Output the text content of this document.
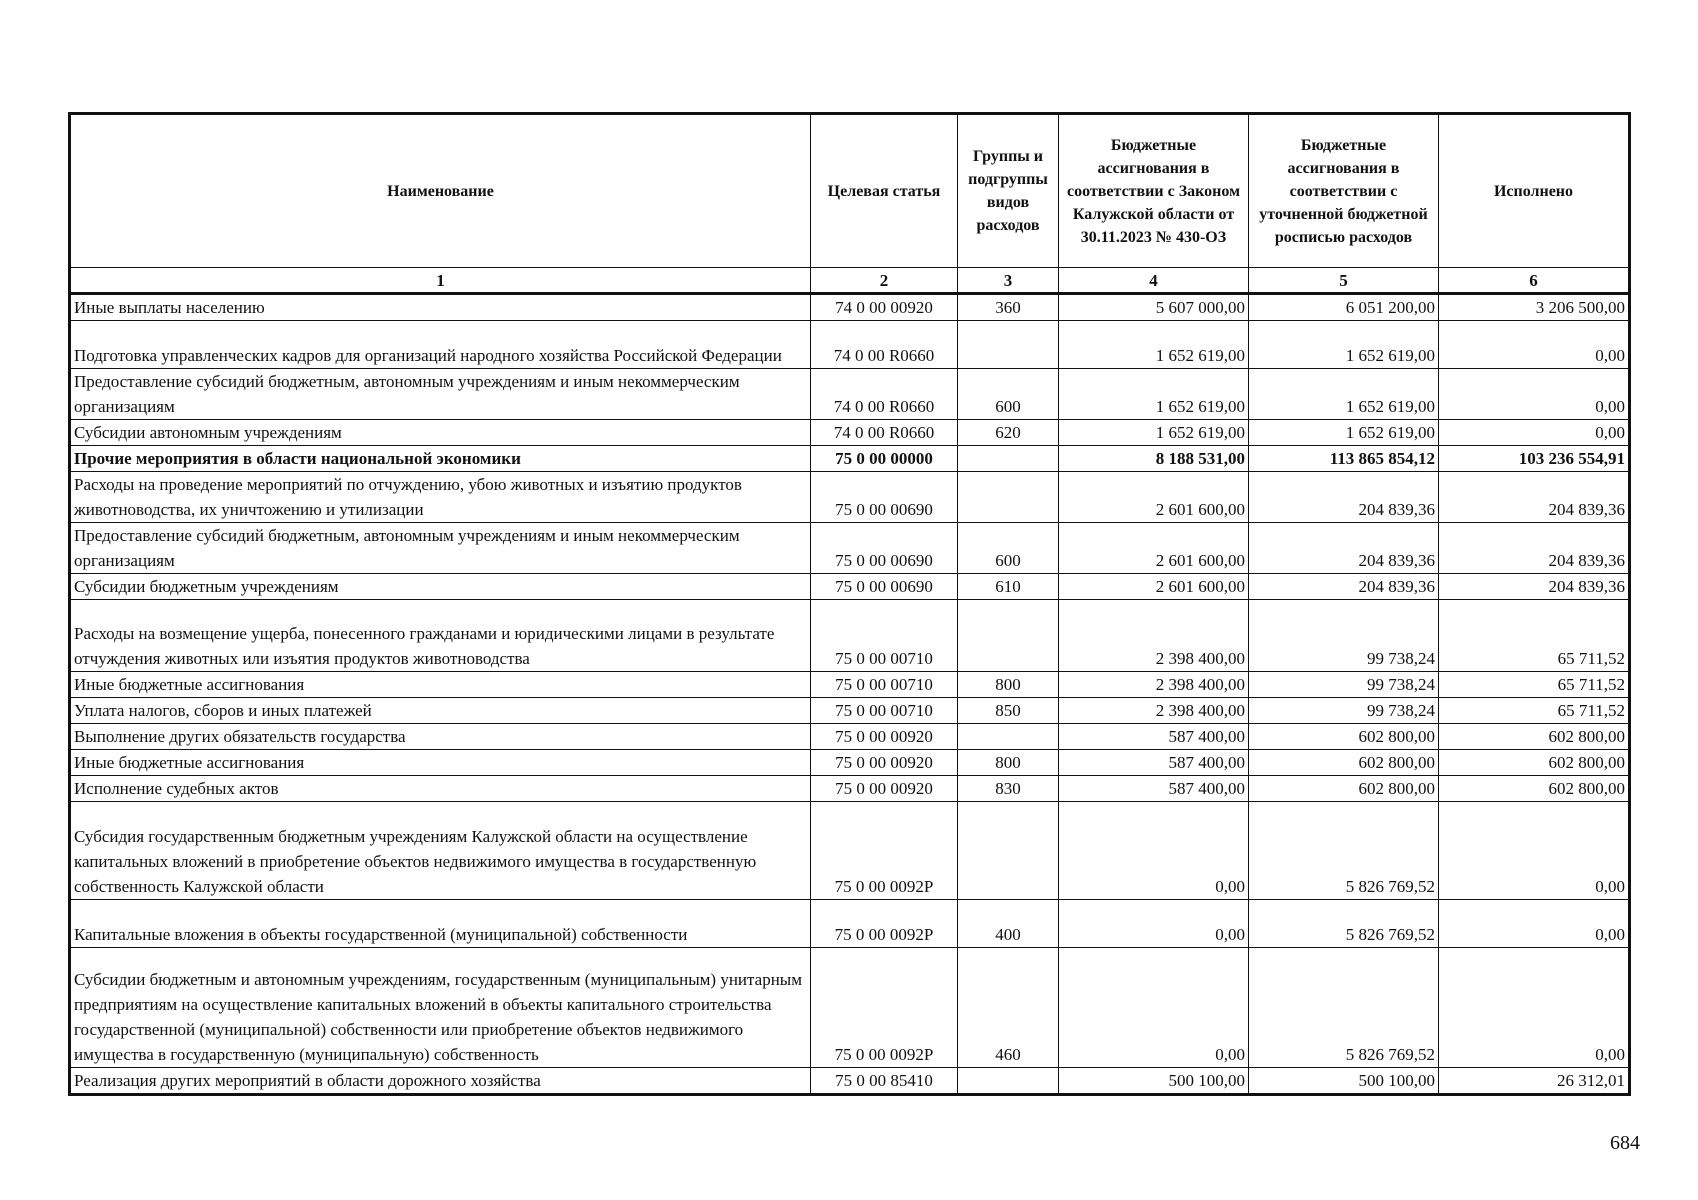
Наименование	Целевая статья	Группы и подгруппы видов расходов	Бюджетные ассигнования в соответствии с Законом Калужской области от 30.11.2023 № 430-ОЗ	Бюджетные ассигнования в соответствии с уточненной бюджетной росписью расходов	Исполнено
1	2	3	4	5	6
Иные выплаты населению	74 0 00 00920	360	5 607 000,00	6 051 200,00	3 206 500,00
Подготовка управленческих кадров для организаций народного хозяйства Российской Федерации	74 0 00 R0660		1 652 619,00	1 652 619,00	0,00
Предоставление субсидий бюджетным, автономным учреждениям и иным некоммерческим организациям	74 0 00 R0660	600	1 652 619,00	1 652 619,00	0,00
Субсидии автономным учреждениям	74 0 00 R0660	620	1 652 619,00	1 652 619,00	0,00
Прочие мероприятия в области национальной экономики	75 0 00 00000		8 188 531,00	113 865 854,12	103 236 554,91
Расходы на проведение мероприятий по отчуждению, убою животных и изъятию продуктов животноводства, их уничтожению и утилизации	75 0 00 00690		2 601 600,00	204 839,36	204 839,36
Предоставление субсидий бюджетным, автономным учреждениям и иным некоммерческим организациям	75 0 00 00690	600	2 601 600,00	204 839,36	204 839,36
Субсидии бюджетным учреждениям	75 0 00 00690	610	2 601 600,00	204 839,36	204 839,36
Расходы на возмещение ущерба, понесенного гражданами и юридическими лицами в результате отчуждения животных или изъятия продуктов животноводства	75 0 00 00710		2 398 400,00	99 738,24	65 711,52
Иные бюджетные ассигнования	75 0 00 00710	800	2 398 400,00	99 738,24	65 711,52
Уплата налогов, сборов и иных платежей	75 0 00 00710	850	2 398 400,00	99 738,24	65 711,52
Выполнение других обязательств государства	75 0 00 00920		587 400,00	602 800,00	602 800,00
Иные бюджетные ассигнования	75 0 00 00920	800	587 400,00	602 800,00	602 800,00
Исполнение судебных актов	75 0 00 00920	830	587 400,00	602 800,00	602 800,00
Субсидия государственным бюджетным учреждениям Калужской области на осуществление капитальных вложений в приобретение объектов недвижимого имущества в государственную собственность Калужской области	75 0 00 0092Р		0,00	5 826 769,52	0,00
Капитальные вложения в объекты государственной (муниципальной) собственности	75 0 00 0092Р	400	0,00	5 826 769,52	0,00
Субсидии бюджетным и автономным учреждениям, государственным (муниципальным) унитарным предприятиям на осуществление капитальных вложений в объекты капитального строительства государственной (муниципальной) собственности или приобретение объектов недвижимого имущества в государственную (муниципальную) собственность	75 0 00 0092Р	460	0,00	5 826 769,52	0,00
Реализация других мероприятий в области дорожного хозяйства	75 0 00 85410		500 100,00	500 100,00	26 312,01
684
